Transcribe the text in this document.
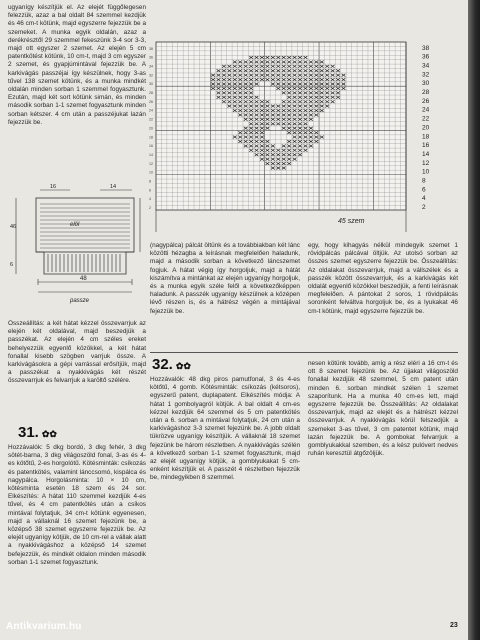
ugyanígy készítjük el. Az elejét függőlegesen felezzük, azaz a bal oldalt 84 szemmel kezdjük és 46 cm-t kötünk, majd egyszerre fejezzük be a szemeket. A munka egyik oldalán, azaz a derékrésztől 29 szemmel fekeszünk 3-4 sor 3-3, majd ott egyszer 2 szemet. Az elején 5 cm patentkötést kötünk, 10 cm-t, majd 3 cm egyszer 2 szemet, és gyapjúmintával fejezzük be. A karkivágás passzéjai így készülnek, hogy 3-as tűvel 138 szemet kötünk, és a munka mindkét oldalán minden sorban 1 szemmel fogyasztunk. Ezután, majd két sort kötünk simán, és minden második sorban 1-1 szemet fogyasztunk minden sorban kétszer. 4 cm után a passzéjukat lazán fejezzük be.

elöl
passze
48
46
16
6
14

Összeállítás: a két hátat kézzel összevarrjuk az elején két oldalával, majd beszedjük a passzékat. Az elején 4 cm széles ereket behelyezzük egyenlő közökkel, a két hátat fonallal kisebb szögben varrjuk össze. A karkivágásokra a gépi varrással erősítjük, majd a passzékat a nyakkivágás két részét összevarrjuk és felvarrjuk a karöltő szélére.

38
36
34
32
30
28
26
24
22
20
18
16
14
12
10
8
6
4
2
38
36
34
32
30
28
26
24
22
20
18
16
14
12
10
8
6
4
2
45 szem

(nagypálca) pálcát öltünk és a továbbiakban két lánc közötti hézagba a leírásnak megfelelően haladunk, majd a második sorban a következő láncszemet fogjuk. A hátat végig így horgoljuk, majd a hátát kiszámítva a mintánkat az elején ugyanígy horgoljuk, és a munka egyik széle felől a következőképpen haladunk. A passzék ugyanígy készülnek a középen lévő részen is, és a hátrész végén a mintájával fejezzük be.

egy, hogy kihagyás nélkül mindegyik szemet 1 rövidpálcás pálcával öltjük. Az utolsó sorban az összes szemet egyszerre fejezzük be. Összeállítás: Az oldalakat összevarrjuk, majd a vállszélek és a passzék között összevarrjuk, és a karkivágás két oldalát egyenlő közökkel beszedjük, a fenti leírásnak megfelelően. A pántokat 2 soros, 1 rövidpálcás soronként felváltva horgoljuk be, és a lyukakat 46 cm-t kötünk, majd egyszerre fejezzük be.

32. ✿✿

Hozzávalók: 48 dkg piros pamutfonal, 3 és 4-es kötőtű, 4 gomb. Kötésminták: csíkozás (kétsoros), egyszerű patent, duplapatent. Elkészítés módja: A hátat 1 gombolyagról kötjük. A bal oldalt 4 cm-es kézzel kezdjük 64 szemmel és 5 cm patentkötés után a 6. sorban a mintával folytatjuk, 24 cm után a karkivágáshoz 3-3 szemet fejezünk be. A jobb oldalt tükrözve ugyanígy készítjük. A vállaknál 18 szemet fejezünk be három részletben. A nyakkivágás szélén a következő sorban 1-1 szemet fogyasztunk, majd az elejét ugyanígy kötjük, a gomblyukakat 5 cm-enként készítjük el. A passzét 4 részletben fejezzük be, mindegyikben 8 szemmel.

nesen kötünk tovább, amíg a rész eléri a 16 cm-t és ott 8 szemet fejezünk be. Az újjakat világoszöld fonallal kezdjük 48 szemmel, 5 cm patent után minden 6. sorban mindkét szélen 1 szemet szaporítunk. Ha a munka 40 cm-es lett, majd egyszerre fejezzük be. Összeállítás: Az oldalakat összevarrjuk, majd az elejét és a hátrészt kézzel összevarrjuk. A nyakkivágás körül felszedjük a szemeket 3-as tűvel, 3 cm patentet kötünk, majd lazán fejezzük be. A gombokat felvarrjuk a gomblyukakkal szemben, és a kész pulóvert nedves ruhán keresztül átgőzöljük.

31. ✿✿

Hozzávalók: 5 dkg bordó, 3 dkg fehér, 3 dkg sötét-barna, 3 dkg világoszöld fonal, 3-as és 4-es kötőtű, 2-es horgolótű. Kötésminták: csíkozás és patentkötés, valamint lánccsomó, kispálca és nagypálca. Horgolásminta: 10 × 10 cm, kötésminta esetén 18 szem és 24 sor. Elkészítés: A hátat 110 szemmel kezdjük 4-es tűvel, és 4 cm patentkötés után a csíkos mintával folytatjuk, 34 cm-t kötünk egyenesen, majd a vállaknál 16 szemet fejezünk be, a középső 38 szemet egyszerre fejezzük be. Az elejét ugyanígy kötjük, de 10 cm-rel a vállak alatt a nyakkivágáshoz a középső 14 szemet befejezzük, és mindkét oldalon minden második sorban 1-1 szemet fogyasztunk.

23
Antikvarium.hu
